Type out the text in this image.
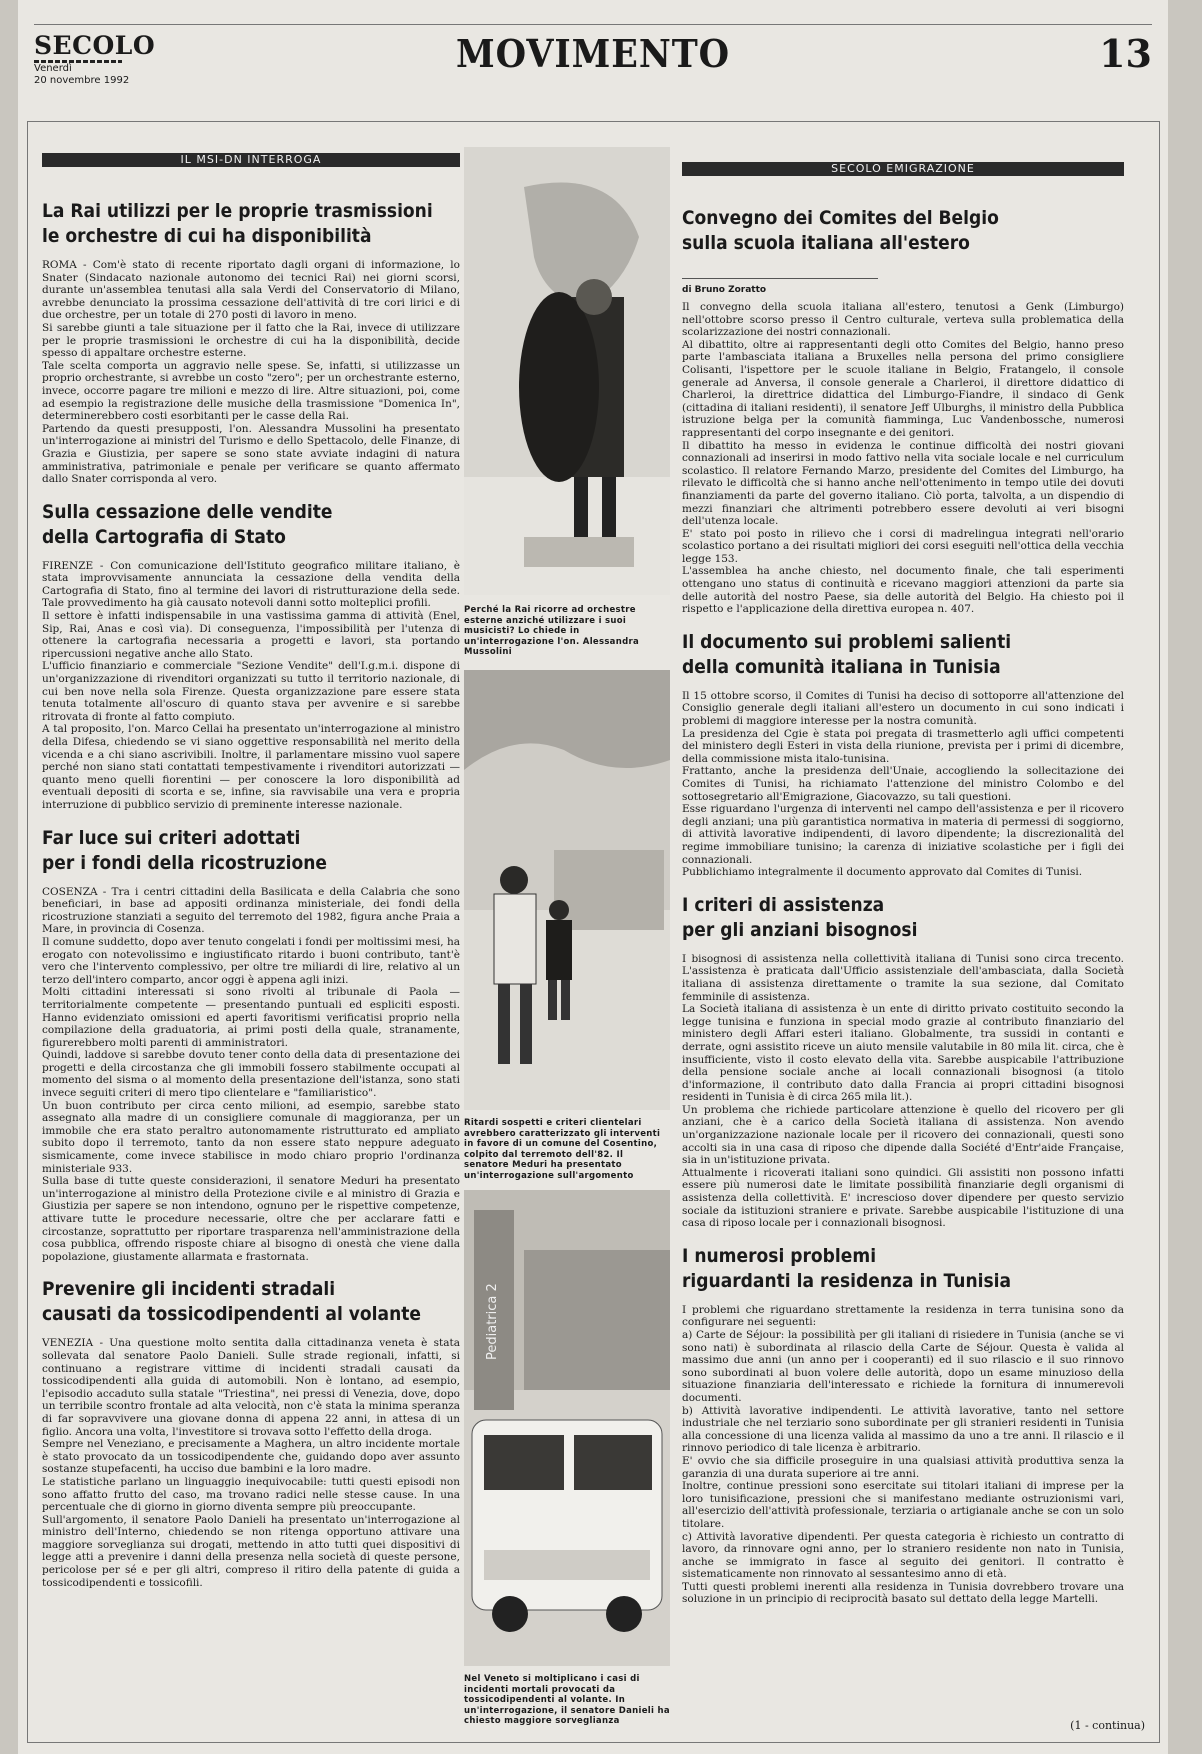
SECOLO
Venerdì
20 novembre 1992
MOVIMENTO	13
IL MSI-DN INTERROGA
La Rai utilizzi per le proprie trasmissioni
le orchestre di cui ha disponibilità

ROMA - Com'è stato di recente riportato dagli organi di informazione, lo Snater (Sindacato nazionale autonomo dei tecnici Rai) nei giorni scorsi, durante un'assemblea tenutasi alla sala Verdi del Conservatorio di Milano, avrebbe denunciato la prossima cessazione dell'attività di tre cori lirici e di due orchestre, per un totale di 270 posti di lavoro in meno.

Si sarebbe giunti a tale situazione per il fatto che la Rai, invece di utilizzare per le proprie trasmissioni le orchestre di cui ha la disponibilità, decide spesso di appaltare orchestre esterne.

Tale scelta comporta un aggravio nelle spese. Se, infatti, si utilizzasse un proprio orchestrante, si avrebbe un costo "zero"; per un orchestrante esterno, invece, occorre pagare tre milioni e mezzo di lire. Altre situazioni, poi, come ad esempio la registrazione delle musiche della trasmissione "Domenica In", determinerebbero costi esorbitanti per le casse della Rai.

Partendo da questi presupposti, l'on. Alessandra Mussolini ha presentato un'interrogazione ai ministri del Turismo e dello Spettacolo, delle Finanze, di Grazia e Giustizia, per sapere se sono state avviate indagini di natura amministrativa, patrimoniale e penale per verificare se quanto affermato dallo Snater corrisponda al vero.

Sulla cessazione delle vendite
della Cartografia di Stato

FIRENZE - Con comunicazione dell'Istituto geografico militare italiano, è stata improvvisamente annunciata la cessazione della vendita della Cartografia di Stato, fino al termine dei lavori di ristrutturazione della sede. Tale provvedimento ha già causato notevoli danni sotto molteplici profili.

Il settore è infatti indispensabile in una vastissima gamma di attività (Enel, Sip, Rai, Anas e così via). Di conseguenza, l'impossibilità per l'utenza di ottenere la cartografia necessaria a progetti e lavori, sta portando ripercussioni negative anche allo Stato.

L'ufficio finanziario e commerciale "Sezione Vendite" dell'I.g.m.i. dispone di un'organizzazione di rivenditori organizzati su tutto il territorio nazionale, di cui ben nove nella sola Firenze. Questa organizzazione pare essere stata tenuta totalmente all'oscuro di quanto stava per avvenire e si sarebbe ritrovata di fronte al fatto compiuto.

A tal proposito, l'on. Marco Cellai ha presentato un'interrogazione al ministro della Difesa, chiedendo se vi siano oggettive responsabilità nel merito della vicenda e a chi siano ascrivibili. Inoltre, il parlamentare missino vuol sapere perché non siano stati contattati tempestivamente i rivenditori autorizzati — quanto meno quelli fiorentini — per conoscere la loro disponibilità ad eventuali depositi di scorta e se, infine, sia ravvisabile una vera e propria interruzione di pubblico servizio di preminente interesse nazionale.

Far luce sui criteri adottati
per i fondi della ricostruzione

COSENZA - Tra i centri cittadini della Basilicata e della Calabria che sono beneficiari, in base ad appositi ordinanza ministeriale, dei fondi della ricostruzione stanziati a seguito del terremoto del 1982, figura anche Praia a Mare, in provincia di Cosenza.

Il comune suddetto, dopo aver tenuto congelati i fondi per moltissimi mesi, ha erogato con notevolissimo e ingiustificato ritardo i buoni contributo, tant'è vero che l'intervento complessivo, per oltre tre miliardi di lire, relativo al un terzo dell'intero comparto, ancor oggi è appena agli inizi.

Molti cittadini interessati si sono rivolti al tribunale di Paola — territorialmente competente — presentando puntuali ed espliciti esposti. Hanno evidenziato omissioni ed aperti favoritismi verificatisi proprio nella compilazione della graduatoria, ai primi posti della quale, stranamente, figurerebbero molti parenti di amministratori.

Quindi, laddove si sarebbe dovuto tener conto della data di presentazione dei progetti e della circostanza che gli immobili fossero stabilmente occupati al momento del sisma o al momento della presentazione dell'istanza, sono stati invece seguiti criteri di mero tipo clientelare e "familiaristico".

Un buon contributo per circa cento milioni, ad esempio, sarebbe stato assegnato alla madre di un consigliere comunale di maggioranza, per un immobile che era stato peraltro autonomamente ristrutturato ed ampliato subito dopo il terremoto, tanto da non essere stato neppure adeguato sismicamente, come invece stabilisce in modo chiaro proprio l'ordinanza ministeriale 933.

Sulla base di tutte queste considerazioni, il senatore Meduri ha presentato un'interrogazione al ministro della Protezione civile e al ministro di Grazia e Giustizia per sapere se non intendono, ognuno per le rispettive competenze, attivare tutte le procedure necessarie, oltre che per acclarare fatti e circostanze, soprattutto per riportare trasparenza nell'amministrazione della cosa pubblica, offrendo risposte chiare al bisogno di onestà che viene dalla popolazione, giustamente allarmata e frastornata.

Prevenire gli incidenti stradali
causati da tossicodipendenti al volante

VENEZIA - Una questione molto sentita dalla cittadinanza veneta è stata sollevata dal senatore Paolo Danieli. Sulle strade regionali, infatti, si continuano a registrare vittime di incidenti stradali causati da tossicodipendenti alla guida di automobili. Non è lontano, ad esempio, l'episodio accaduto sulla statale "Triestina", nei pressi di Venezia, dove, dopo un terribile scontro frontale ad alta velocità, non c'è stata la minima speranza di far sopravvivere una giovane donna di appena 22 anni, in attesa di un figlio. Ancora una volta, l'investitore si trovava sotto l'effetto della droga.

Sempre nel Veneziano, e precisamente a Maghera, un altro incidente mortale è stato provocato da un tossicodipendente che, guidando dopo aver assunto sostanze stupefacenti, ha ucciso due bambini e la loro madre.

Le statistiche parlano un linguaggio inequivocabile: tutti questi episodi non sono affatto frutto del caso, ma trovano radici nelle stesse cause. In una percentuale che di giorno in giorno diventa sempre più preoccupante.

Sull'argomento, il senatore Paolo Danieli ha presentato un'interrogazione al ministro dell'Interno, chiedendo se non ritenga opportuno attivare una maggiore sorveglianza sui drogati, mettendo in atto tutti quei dispositivi di legge atti a prevenire i danni della presenza nella società di queste persone, pericolose per sé e per gli altri, compreso il ritiro della patente di guida a tossicodipendenti e tossicofili.

Perché la Rai ricorre ad orchestre esterne anziché utilizzare i suoi musicisti? Lo chiede in un'interrogazione l'on. Alessandra Mussolini
Ritardi sospetti e criteri clientelari avrebbero caratterizzato gli interventi in favore di un comune del Cosentino, colpito dal terremoto dell'82. Il senatore Meduri ha presentato un'interrogazione sull'argomento
Pediatrica 2
Nel Veneto si moltiplicano i casi di incidenti mortali provocati da tossicodipendenti al volante. In un'interrogazione, il senatore Danieli ha chiesto maggiore sorveglianza
SECOLO EMIGRAZIONE
Convegno dei Comites del Belgio
sulla scuola italiana all'estero
di Bruno Zoratto

Il convegno della scuola italiana all'estero, tenutosi a Genk (Limburgo) nell'ottobre scorso presso il Centro culturale, verteva sulla problematica della scolarizzazione dei nostri connazionali.

Al dibattito, oltre ai rappresentanti degli otto Comites del Belgio, hanno preso parte l'ambasciata italiana a Bruxelles nella persona del primo consigliere Colisanti, l'ispettore per le scuole italiane in Belgio, Fratangelo, il console generale ad Anversa, il console generale a Charleroi, il direttore didattico di Charleroi, la direttrice didattica del Limburgo-Fiandre, il sindaco di Genk (cittadina di italiani residenti), il senatore Jeff Ulburghs, il ministro della Pubblica istruzione belga per la comunità fiamminga, Luc Vandenbossche, numerosi rappresentanti del corpo insegnante e dei genitori.

Il dibattito ha messo in evidenza le continue difficoltà dei nostri giovani connazionali ad inserirsi in modo fattivo nella vita sociale locale e nel curriculum scolastico. Il relatore Fernando Marzo, presidente del Comites del Limburgo, ha rilevato le difficoltà che si hanno anche nell'ottenimento in tempo utile dei dovuti finanziamenti da parte del governo italiano. Ciò porta, talvolta, a un dispendio di mezzi finanziari che altrimenti potrebbero essere devoluti ai veri bisogni dell'utenza locale.

E' stato poi posto in rilievo che i corsi di madrelingua integrati nell'orario scolastico portano a dei risultati migliori dei corsi eseguiti nell'ottica della vecchia legge 153.

L'assemblea ha anche chiesto, nel documento finale, che tali esperimenti ottengano uno status di continuità e ricevano maggiori attenzioni da parte sia delle autorità del nostro Paese, sia delle autorità del Belgio. Ha chiesto poi il rispetto e l'applicazione della direttiva europea n. 407.

Il documento sui problemi salienti
della comunità italiana in Tunisia

Il 15 ottobre scorso, il Comites di Tunisi ha deciso di sottoporre all'attenzione del Consiglio generale degli italiani all'estero un documento in cui sono indicati i problemi di maggiore interesse per la nostra comunità.

La presidenza del Cgie è stata poi pregata di trasmetterlo agli uffici competenti del ministero degli Esteri in vista della riunione, prevista per i primi di dicembre, della commissione mista italo-tunisina.

Frattanto, anche la presidenza dell'Unaie, accogliendo la sollecitazione dei Comites di Tunisi, ha richiamato l'attenzione del ministro Colombo e del sottosegretario all'Emigrazione, Giacovazzo, su tali questioni.

Esse riguardano l'urgenza di interventi nel campo dell'assistenza e per il ricovero degli anziani; una più garantistica normativa in materia di permessi di soggiorno, di attività lavorative indipendenti, di lavoro dipendente; la discrezionalità del regime immobiliare tunisino; la carenza di iniziative scolastiche per i figli dei connazionali.

Pubblichiamo integralmente il documento approvato dal Comites di Tunisi.

I criteri di assistenza
per gli anziani bisognosi

I bisognosi di assistenza nella collettività italiana di Tunisi sono circa trecento. L'assistenza è praticata dall'Ufficio assistenziale dell'ambasciata, dalla Società italiana di assistenza direttamente o tramite la sua sezione, dal Comitato femminile di assistenza.

La Società italiana di assistenza è un ente di diritto privato costituito secondo la legge tunisina e funziona in special modo grazie al contributo finanziario del ministero degli Affari esteri italiano. Globalmente, tra sussidi in contanti e derrate, ogni assistito riceve un aiuto mensile valutabile in 80 mila lit. circa, che è insufficiente, visto il costo elevato della vita. Sarebbe auspicabile l'attribuzione della pensione sociale anche ai locali connazionali bisognosi (a titolo d'informazione, il contributo dato dalla Francia ai propri cittadini bisognosi residenti in Tunisia è di circa 265 mila lit.).

Un problema che richiede particolare attenzione è quello del ricovero per gli anziani, che è a carico della Società italiana di assistenza. Non avendo un'organizzazione nazionale locale per il ricovero dei connazionali, questi sono accolti sia in una casa di riposo che dipende dalla Société d'Entr'aide Française, sia in un'istituzione privata.

Attualmente i ricoverati italiani sono quindici. Gli assistiti non possono infatti essere più numerosi date le limitate possibilità finanziarie degli organismi di assistenza della collettività. E' increscioso dover dipendere per questo servizio sociale da istituzioni straniere e private. Sarebbe auspicabile l'istituzione di una casa di riposo locale per i connazionali bisognosi.

I numerosi problemi
riguardanti la residenza in Tunisia

I problemi che riguardano strettamente la residenza in terra tunisina sono da configurare nei seguenti:

a) Carte de Séjour: la possibilità per gli italiani di risiedere in Tunisia (anche se vi sono nati) è subordinata al rilascio della Carte de Séjour. Questa è valida al massimo due anni (un anno per i cooperanti) ed il suo rilascio e il suo rinnovo sono subordinati al buon volere delle autorità, dopo un esame minuzioso della situazione finanziaria dell'interessato e richiede la fornitura di innumerevoli documenti.

b) Attività lavorative indipendenti. Le attività lavorative, tanto nel settore industriale che nel terziario sono subordinate per gli stranieri residenti in Tunisia alla concessione di una licenza valida al massimo da uno a tre anni. Il rilascio e il rinnovo periodico di tale licenza è arbitrario.

E' ovvio che sia difficile proseguire in una qualsiasi attività produttiva senza la garanzia di una durata superiore ai tre anni.

Inoltre, continue pressioni sono esercitate sui titolari italiani di imprese per la loro tunisificazione, pressioni che si manifestano mediante ostruzionismi vari, all'esercizio dell'attività professionale, terziaria o artigianale anche se con un solo titolare.

c) Attività lavorative dipendenti. Per questa categoria è richiesto un contratto di lavoro, da rinnovare ogni anno, per lo straniero residente non nato in Tunisia, anche se immigrato in fasce al seguito dei genitori. Il contratto è sistematicamente non rinnovato al sessantesimo anno di età.

Tutti questi problemi inerenti alla residenza in Tunisia dovrebbero trovare una soluzione in un principio di reciprocità basato sul dettato della legge Martelli.

(1 - continua)
